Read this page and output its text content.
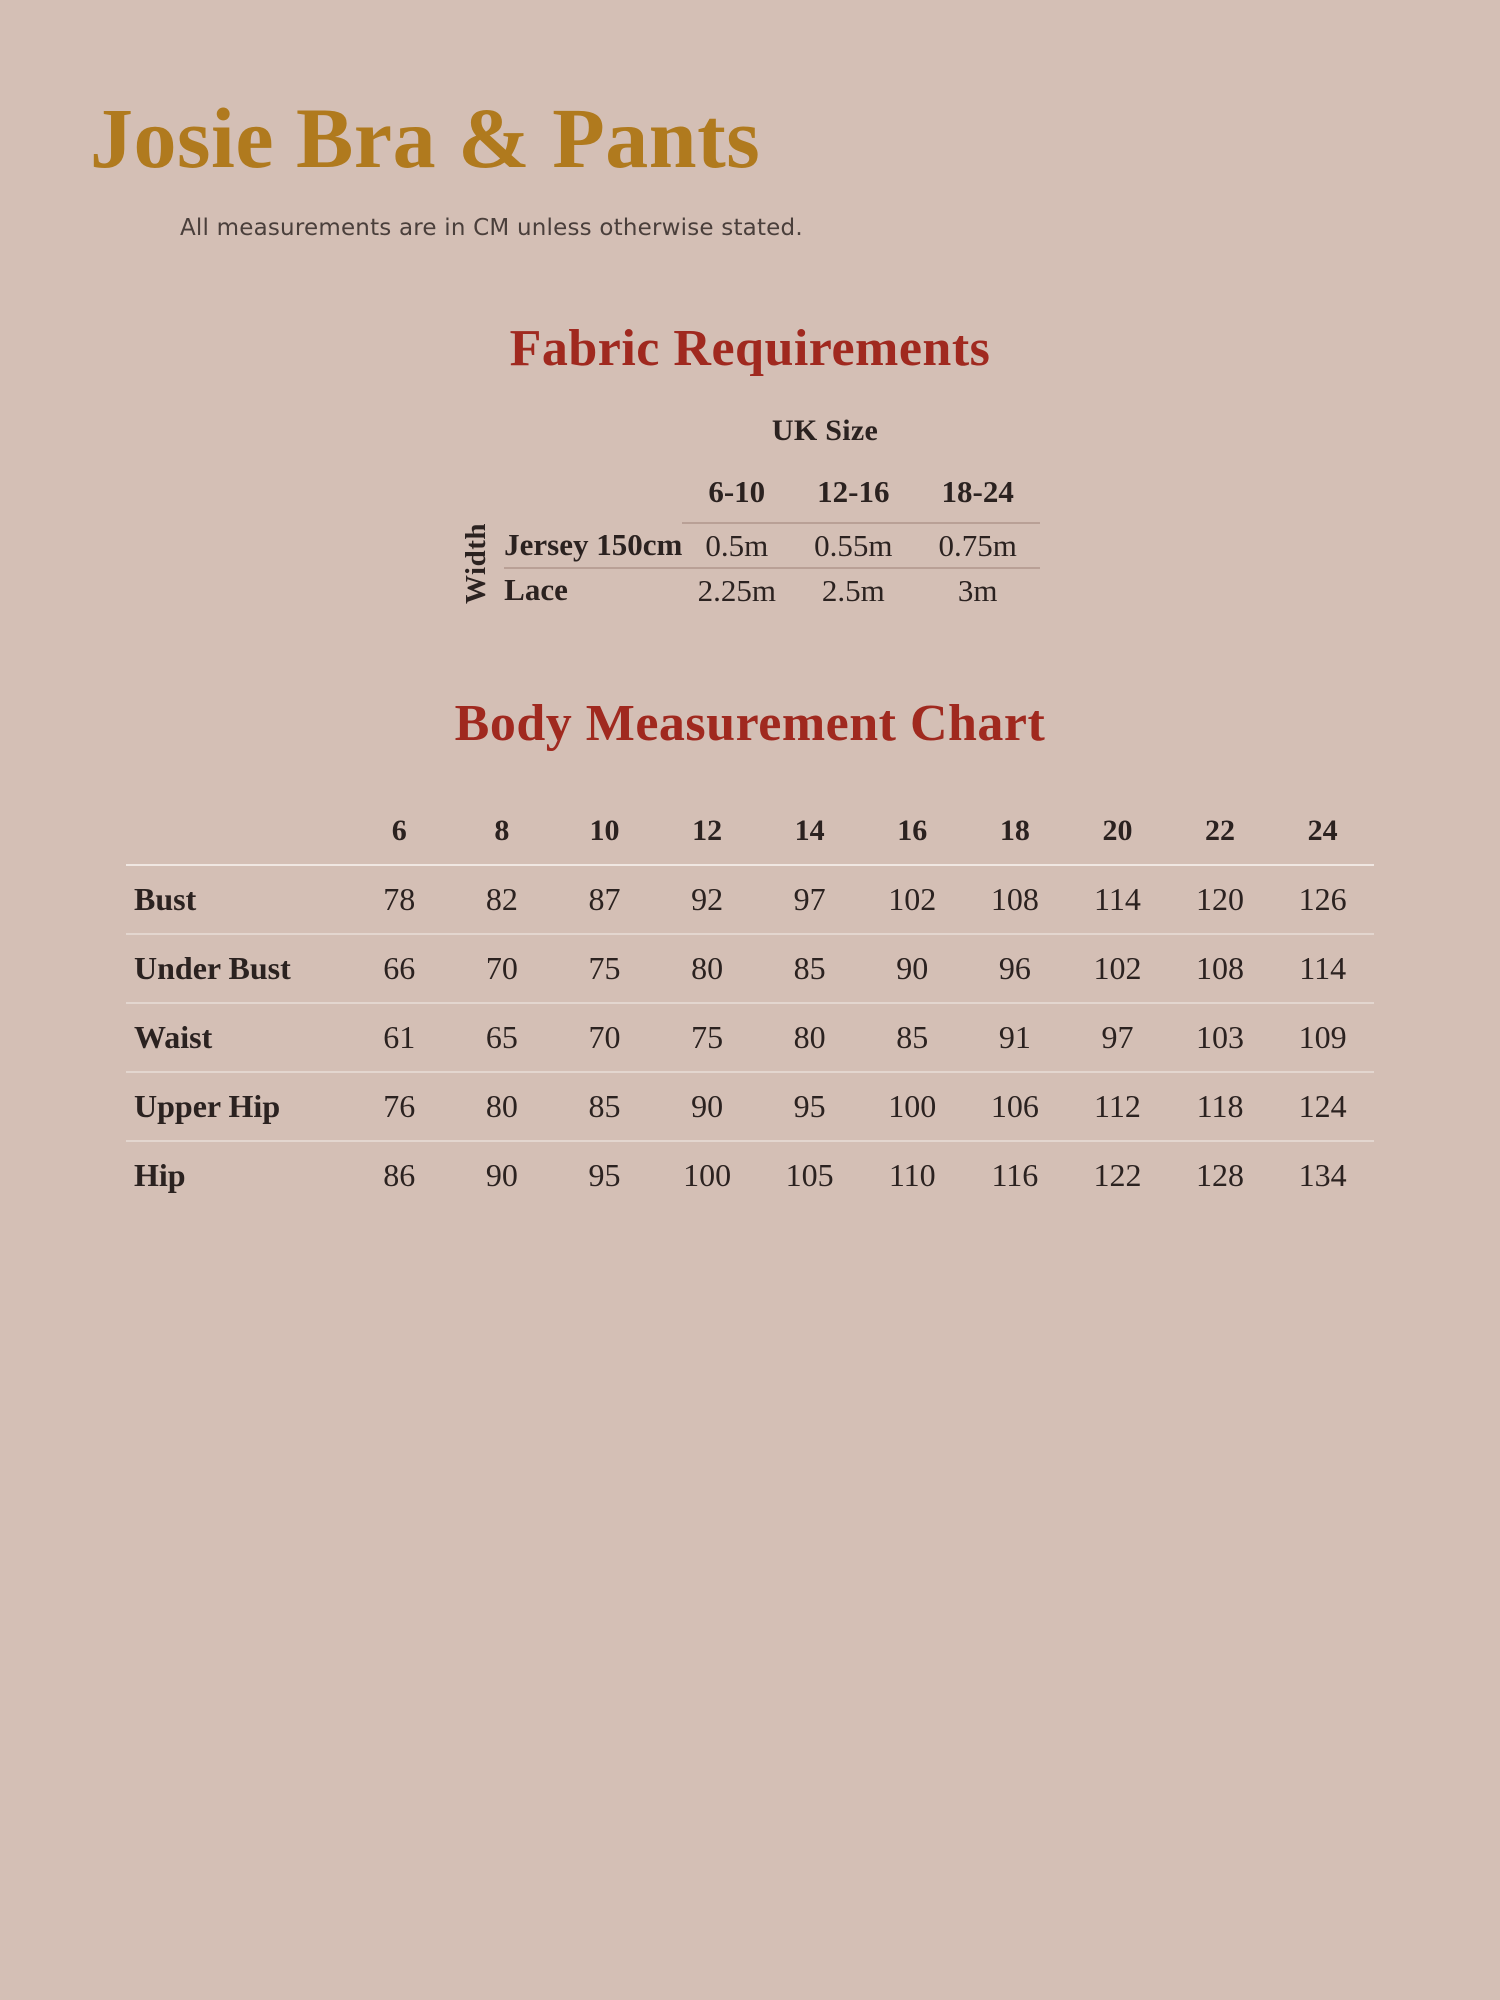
Josie Bra & Pants

All measurements are in CM unless otherwise stated.

Fabric Requirements
UK Size
		6-10	12-16	18-24
Width	Jersey 150cm	0.5m	0.55m	0.75m
	Lace	2.25m	2.5m	3m
Body Measurement Chart
	6	8	10	12	14	16	18	20	22	24
Bust	78	82	87	92	97	102	108	114	120	126
Under Bust	66	70	75	80	85	90	96	102	108	114
Waist	61	65	70	75	80	85	91	97	103	109
Upper Hip	76	80	85	90	95	100	106	112	118	124
Hip	86	90	95	100	105	110	116	122	128	134
